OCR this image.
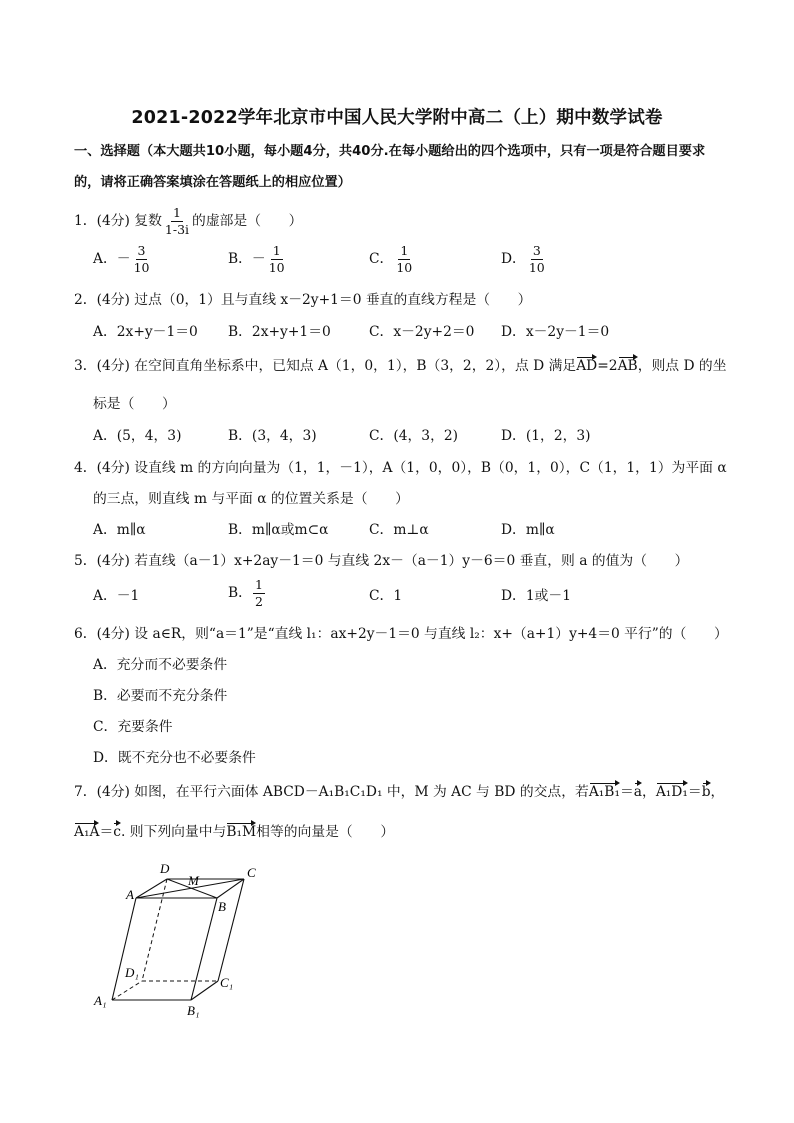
2021-2022学年北京市中国人民大学附中高二（上）期中数学试卷
一、选择题（本大题共10小题，每小题4分，共40分.在每小题给出的四个选项中，只有一项是符合题目要求的，请将正确答案填涂在答题纸上的相应位置）
1．(4分) 复数 $\frac{1}{1-3i}$ 的虚部是（　　）
A．－ $\frac{3}{10}$	B．－ $\frac{1}{10}$	C． $\frac{1}{10}$	D． $\frac{3}{10}$
2．(4分) 过点（0，1）且与直线 x－2y+1＝0 垂直的直线方程是（　　）
A．2x+y－1＝0 B．2x+y+1＝0	C．x－2y+2＝0 D．x－2y－1＝0
3．(4分) 在空间直角坐标系中，已知点 A（1，0，1），B（3，2，2），点 D 满足AD=2AB，则点 D 的坐
标是（　　）
A．(5，4，3)	B．(3，4，3)	C．(4，3，2)	D．(1，2，3)
4．(4分) 设直线 m 的方向向量为（1，1，－1），A（1，0，0），B（0，1，0），C（1，1，1）为平面 α
的三点，则直线 m 与平面 α 的位置关系是（　　）
A．m∥α	B．m∥α或m⊂α	C．m⊥α	D．m∥α
5．(4分) 若直线（a－1）x+2ay－1＝0 与直线 2x－（a－1）y－6＝0 垂直，则 a 的值为（　　）
A．－1	B． $\frac{1}{2}$	C．1	D．1或－1
6．(4分) 设 a∈R，则“a＝1”是“直线 l₁：ax+2y－1＝0 与直线 l₂：x+（a+1）y+4＝0 平行”的（　　）
A．充分而不必要条件
B．必要而不充分条件
C．充要条件
D．既不充分也不必要条件
7．(4分) 如图，在平行六面体 ABCD－A₁B₁C₁D₁ 中，M 为 AC 与 BD 的交点，若A₁B₁＝a，A₁D₁＝b，
A₁A＝c. 则下列向量中与B₁M相等的向量是（　　）
D
M
C
A
B
D₁
C₁
A₁
B₁
